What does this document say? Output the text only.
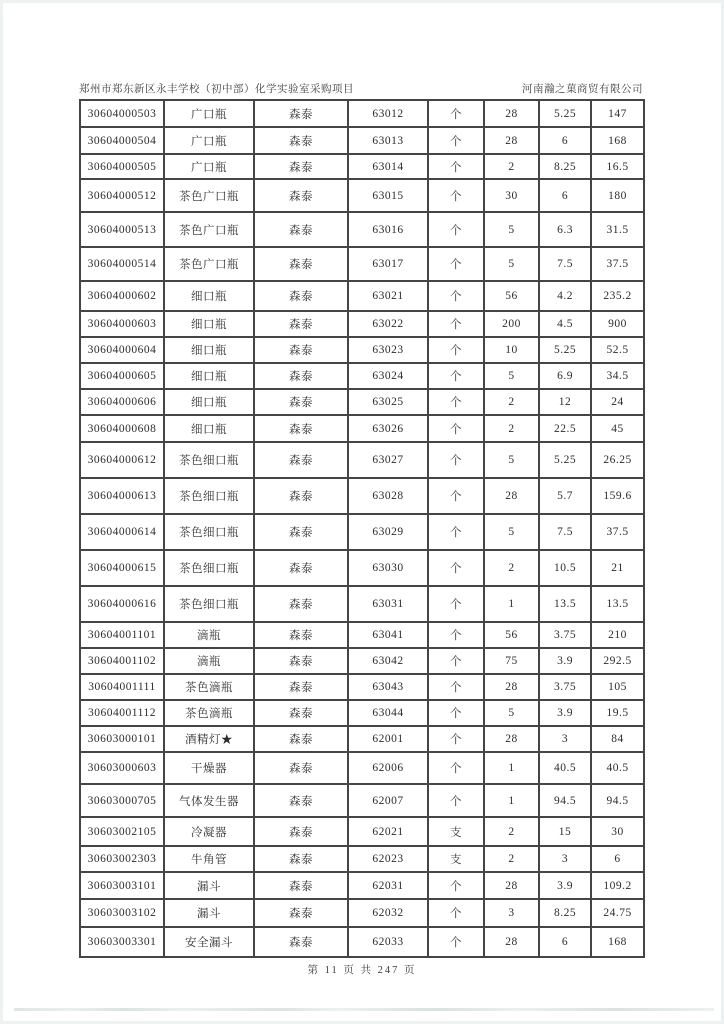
郑州市郑东新区永丰学校（初中部）化学实验室采购项目	河南瀚之菓商贸有限公司
30604000503	广口瓶	森泰	63012	个	28	5.25	147
30604000504	广口瓶	森泰	63013	个	28	6	168
30604000505	广口瓶	森泰	63014	个	2	8.25	16.5
30604000512	茶色广口瓶	森泰	63015	个	30	6	180
30604000513	茶色广口瓶	森泰	63016	个	5	6.3	31.5
30604000514	茶色广口瓶	森泰	63017	个	5	7.5	37.5
30604000602	细口瓶	森泰	63021	个	56	4.2	235.2
30604000603	细口瓶	森泰	63022	个	200	4.5	900
30604000604	细口瓶	森泰	63023	个	10	5.25	52.5
30604000605	细口瓶	森泰	63024	个	5	6.9	34.5
30604000606	细口瓶	森泰	63025	个	2	12	24
30604000608	细口瓶	森泰	63026	个	2	22.5	45
30604000612	茶色细口瓶	森泰	63027	个	5	5.25	26.25
30604000613	茶色细口瓶	森泰	63028	个	28	5.7	159.6
30604000614	茶色细口瓶	森泰	63029	个	5	7.5	37.5
30604000615	茶色细口瓶	森泰	63030	个	2	10.5	21
30604000616	茶色细口瓶	森泰	63031	个	1	13.5	13.5
30604001101	滴瓶	森泰	63041	个	56	3.75	210
30604001102	滴瓶	森泰	63042	个	75	3.9	292.5
30604001111	茶色滴瓶	森泰	63043	个	28	3.75	105
30604001112	茶色滴瓶	森泰	63044	个	5	3.9	19.5
30603000101	酒精灯★	森泰	62001	个	28	3	84
30603000603	干燥器	森泰	62006	个	1	40.5	40.5
30603000705	气体发生器	森泰	62007	个	1	94.5	94.5
30603002105	冷凝器	森泰	62021	支	2	15	30
30603002303	牛角管	森泰	62023	支	2	3	6
30603003101	漏斗	森泰	62031	个	28	3.9	109.2
30603003102	漏斗	森泰	62032	个	3	8.25	24.75
30603003301	安全漏斗	森泰	62033	个	28	6	168
第 11 页 共 247 页
